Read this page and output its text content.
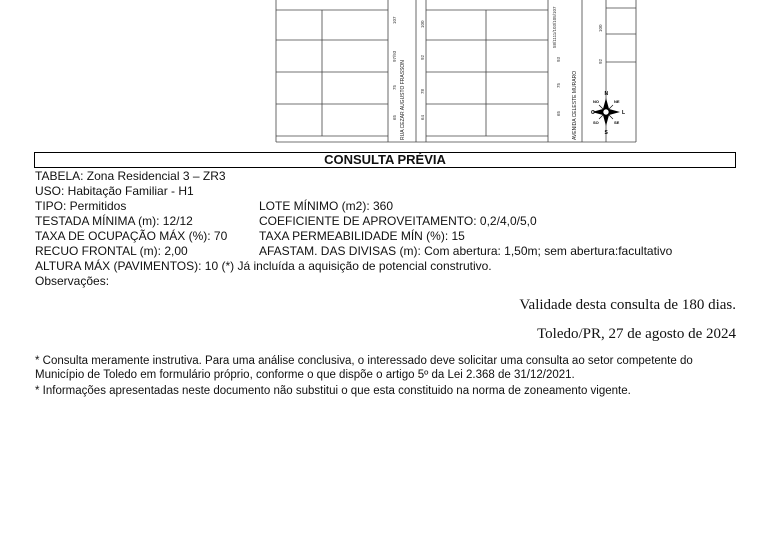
RUA CEZAR AUGUSTO FRASSON	AVENIDA CELESTE MURARO
107
100
97/93	92
75
78
65	64
100
93	92
75
65
58/1111/103/105/107
N
S
O	L
NO	NE
SO	SE
CONSULTA PRÉVIA
TABELA: Zona Residencial 3 – ZR3
USO: Habitação Familiar - H1
TIPO: Permitidos	LOTE MÍNIMO (m2): 360
TESTADA MÍNIMA (m): 12/12	COEFICIENTE DE APROVEITAMENTO: 0,2/4,0/5,0
TAXA DE OCUPAÇÃO MÁX (%): 70	TAXA PERMEABILIDADE MÍN (%): 15
RECUO FRONTAL (m): 2,00	AFASTAM. DAS DIVISAS (m): Com abertura: 1,50m; sem abertura:facultativo
ALTURA MÁX (PAVIMENTOS): 10 (*) Já incluída a aquisição de potencial construtivo.
Observações:
Validade desta consulta de 180 dias.
Toledo/PR, 27 de agosto de 2024
* Consulta meramente instrutiva. Para uma análise conclusiva, o interessado deve solicitar uma consulta ao setor competente do Município de Toledo em formulário próprio, conforme o que dispõe o artigo 5º da Lei 2.368 de 31/12/2021.
* Informações apresentadas neste documento não substitui o que esta constituido na norma de zoneamento vigente.
